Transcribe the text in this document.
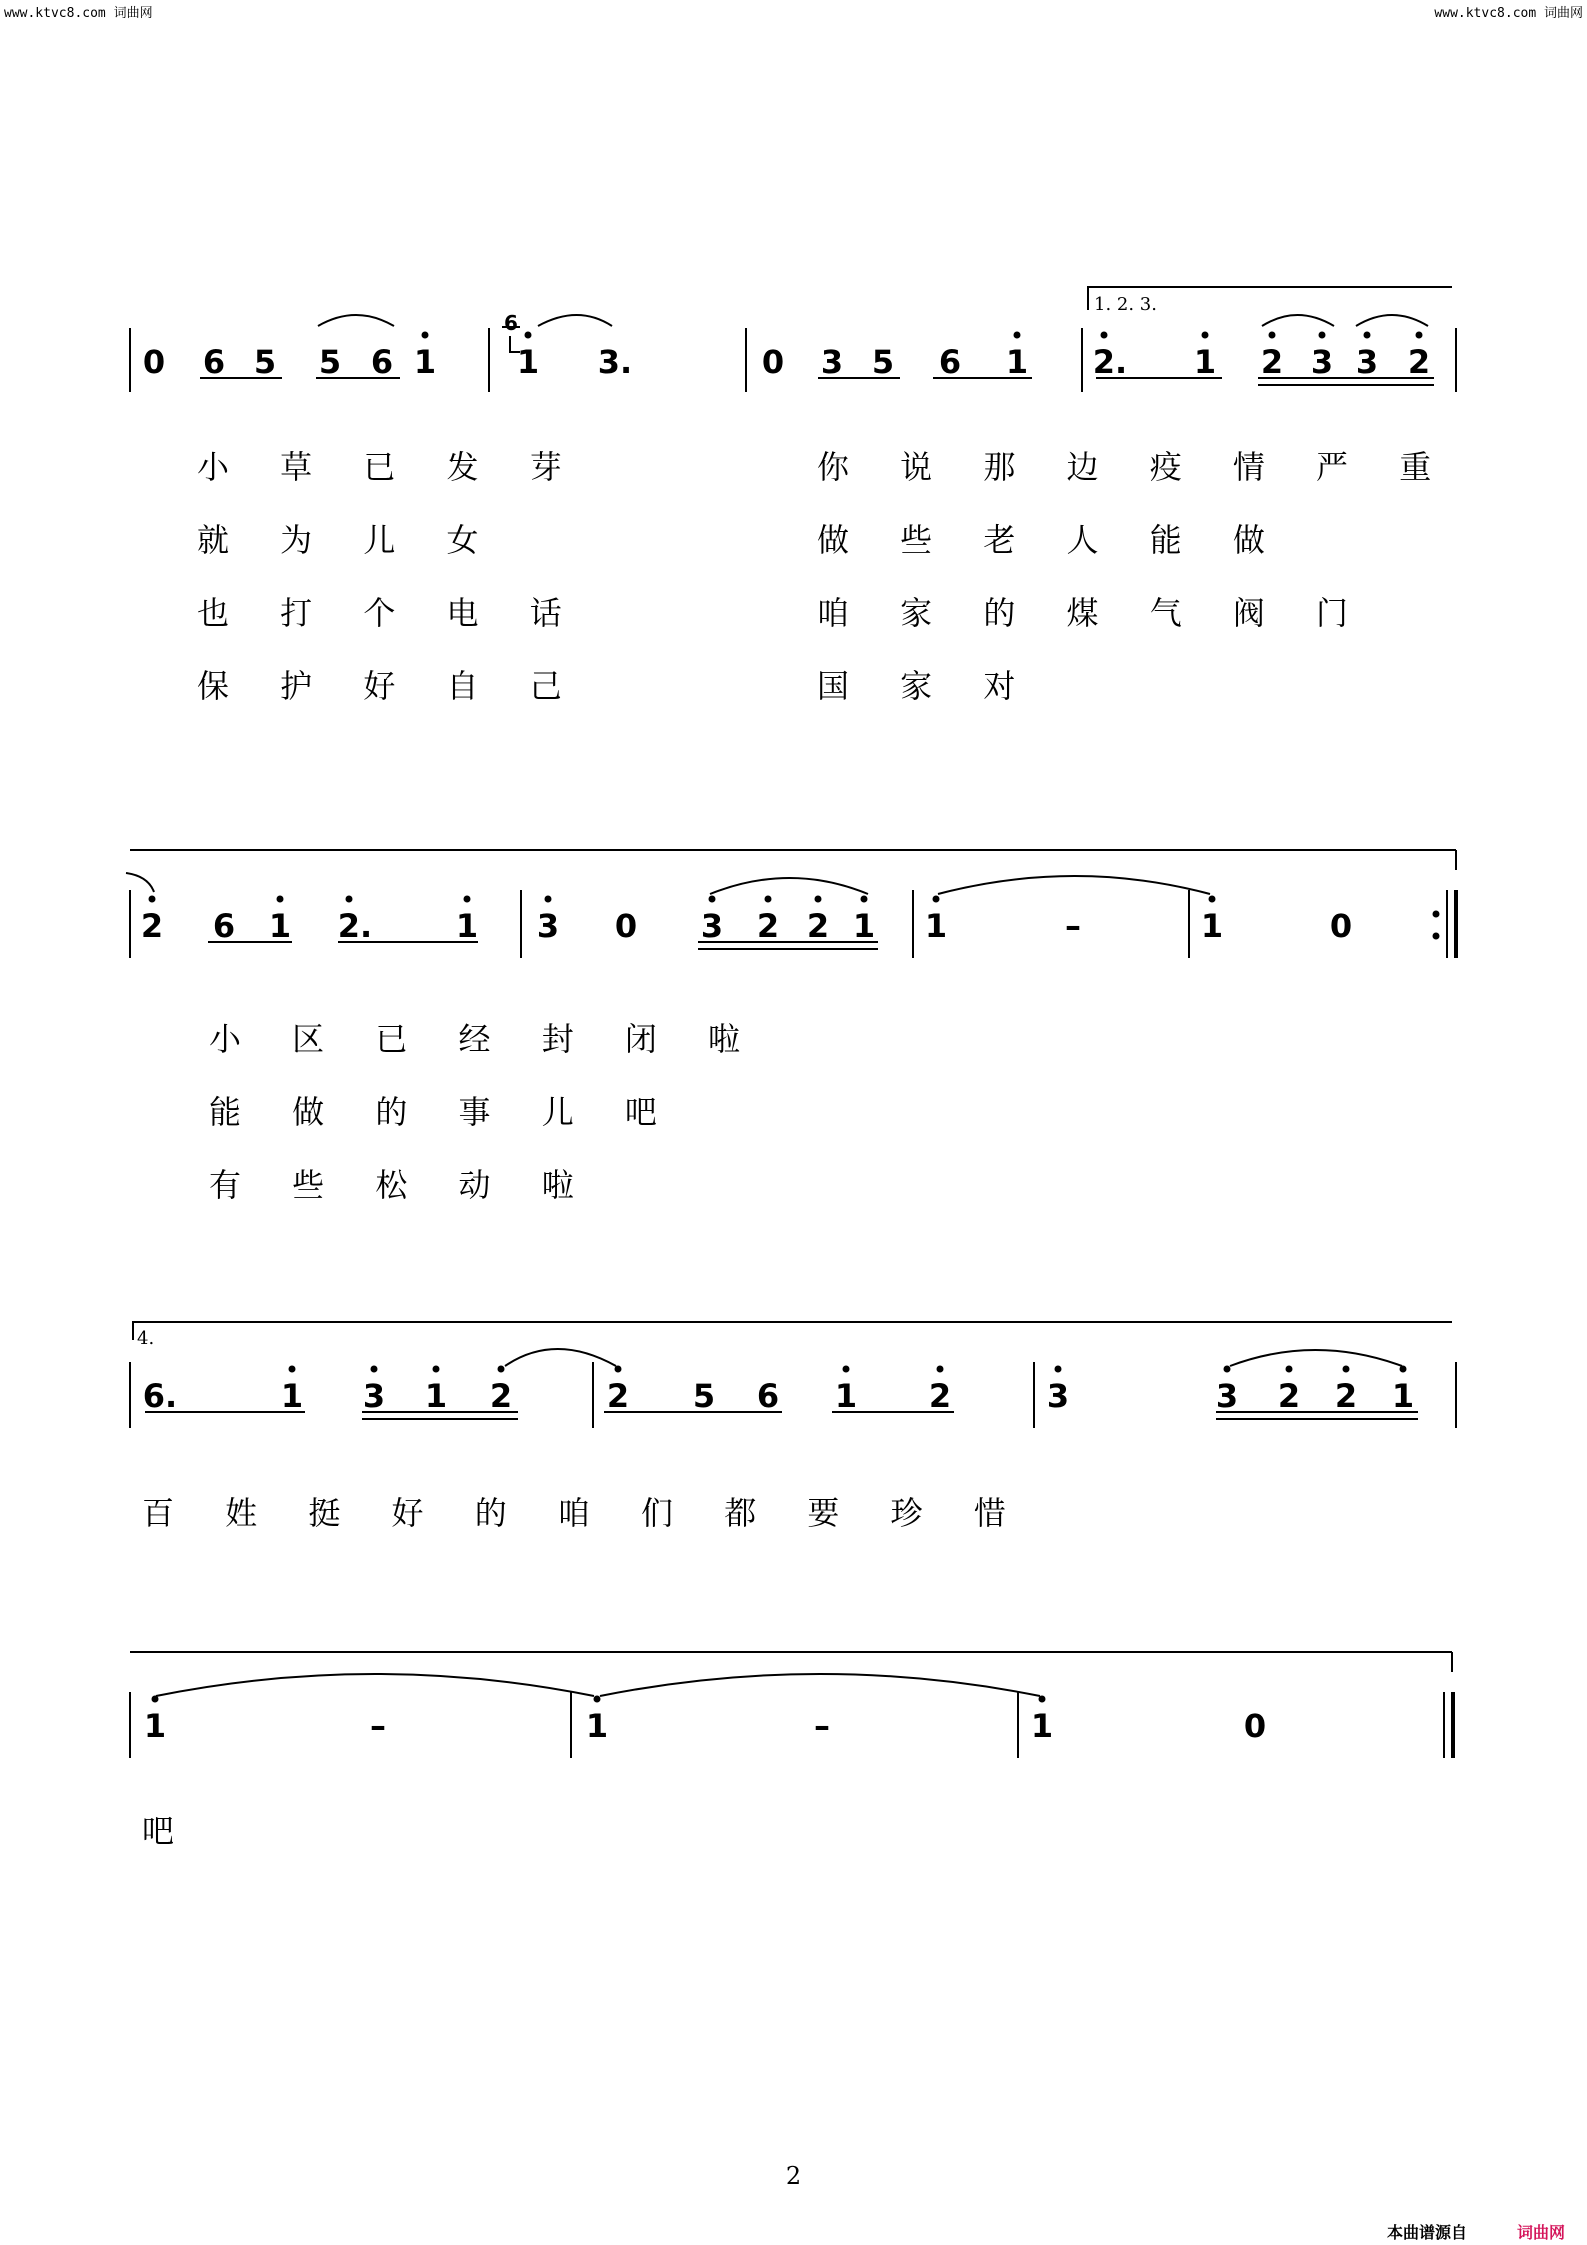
www.ktvc8.com 词曲网	www.ktvc8.com 词曲网
6
1. 2. 3.
4.
0 6 5 5 6 1	1 3.	0 3 5 6 1 2. 1 2 3 3 2
2 6 1 2.	1 3 0 3 2 2 1 1	–	1	0
6.	1 3 1 2	2 5 6 1 2	3	3 2 2 1
1	–	1	–	1	0
小 草 已 发 芽
就 为 儿 女
也 打 个 电 话
保 护 好 自 己
你 说 那 边 疫 情 严 重
做 些 老 人 能 做
咱 家 的 煤 气 阀 门
国 家 对
小 区 已 经 封 闭 啦
能 做 的 事 儿 吧
有 些 松 动 啦
百 姓 挺 好 的 咱 们 都 要 珍 惜
吧
2
本曲谱源自	词曲网
